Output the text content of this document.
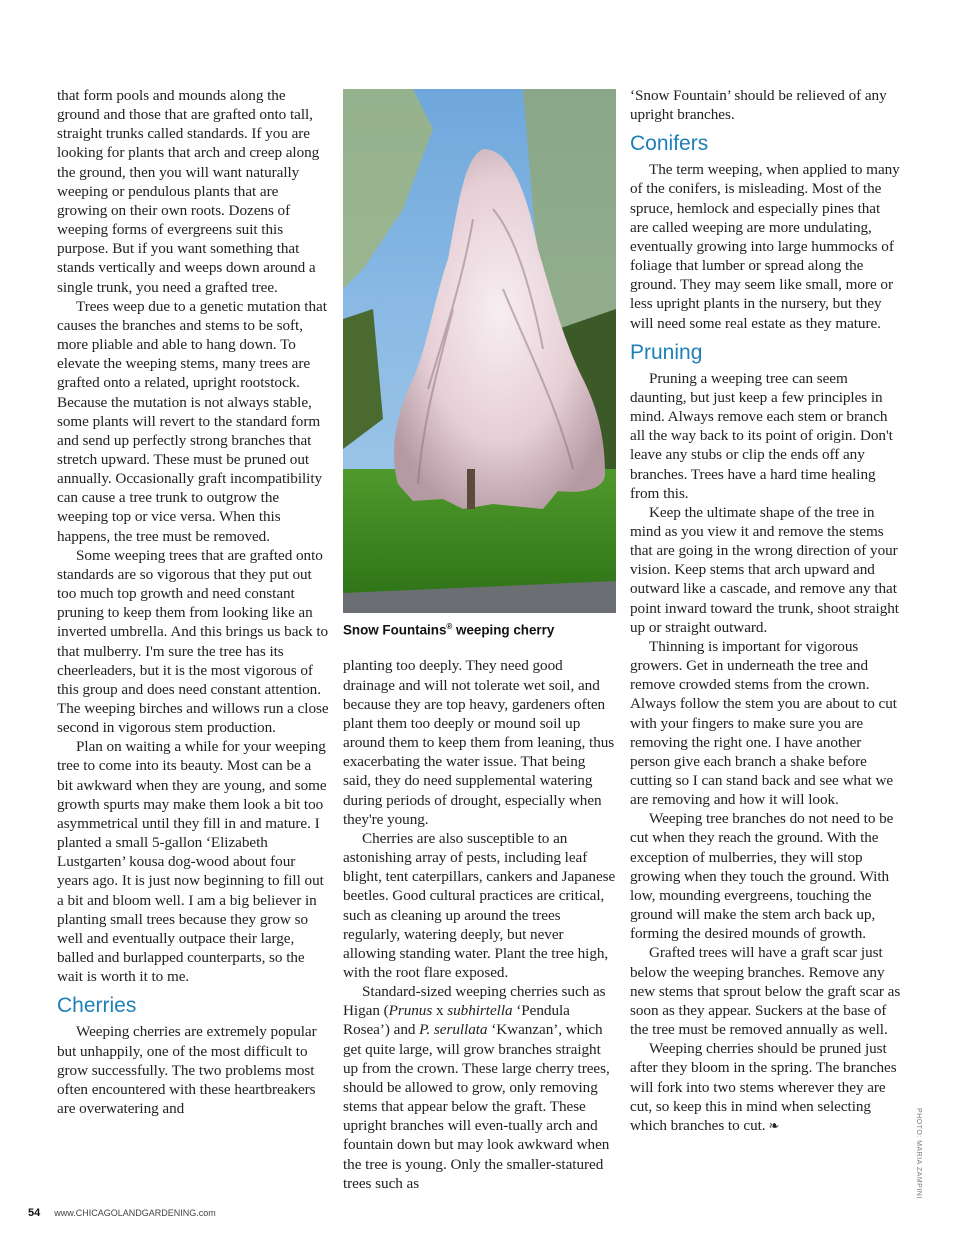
that form pools and mounds along the ground and those that are grafted onto tall, straight trunks called standards. If you are looking for plants that arch and creep along the ground, then you will want naturally weeping or pendulous plants that are growing on their own roots. Dozens of weeping forms of evergreens suit this purpose. But if you want something that stands vertically and weeps down around a single trunk, you need a grafted tree.

Trees weep due to a genetic mutation that causes the branches and stems to be soft, more pliable and able to hang down. To elevate the weeping stems, many trees are grafted onto a related, upright rootstock. Because the mutation is not always stable, some plants will revert to the standard form and send up perfectly strong branches that stretch upward. These must be pruned out annually. Occasionally graft incompatibility can cause a tree trunk to outgrow the weeping top or vice versa. When this happens, the tree must be removed.

Some weeping trees that are grafted onto standards are so vigorous that they put out too much top growth and need constant pruning to keep them from looking like an inverted umbrella. And this brings us back to that mulberry. I'm sure the tree has its cheerleaders, but it is the most vigorous of this group and does need constant attention. The weeping birches and willows run a close second in vigorous stem production.

Plan on waiting a while for your weeping tree to come into its beauty. Most can be a bit awkward when they are young, and some growth spurts may make them look a bit too asymmetrical until they fill in and mature. I planted a small 5-gallon ‘Elizabeth Lustgarten’ kousa dog-wood about four years ago. It is just now beginning to fill out a bit and bloom well. I am a big believer in planting small trees because they grow so well and eventually outpace their large, balled and burlapped counterparts, so the wait is worth it to me.

Cherries

Weeping cherries are extremely popular but unhappily, one of the most difficult to grow successfully. The two problems most often encountered with these heartbreakers are overwatering and

Snow Fountains® weeping cherry

planting too deeply. They need good drainage and will not tolerate wet soil, and because they are top heavy, gardeners often plant them too deeply or mound soil up around them to keep them from leaning, thus exacerbating the water issue. That being said, they do need supplemental watering during periods of drought, especially when they're young.

Cherries are also susceptible to an astonishing array of pests, including leaf blight, tent caterpillars, cankers and Japanese beetles. Good cultural practices are critical, such as cleaning up around the trees regularly, watering deeply, but never allowing standing water. Plant the tree high, with the root flare exposed.

Standard-sized weeping cherries such as Higan (Prunus x subhirtella ‘Pendula Rosea’) and P. serullata ‘Kwanzan’, which get quite large, will grow branches straight up from the crown. These large cherry trees, should be allowed to grow, only removing stems that appear below the graft. These upright branches will even-tually arch and fountain down but may look awkward when the tree is young. Only the smaller-statured trees such as

‘Snow Fountain’ should be relieved of any upright branches.

Conifers

The term weeping, when applied to many of the conifers, is misleading. Most of the spruce, hemlock and especially pines that are called weeping are more undulating, eventually growing into large hummocks of foliage that lumber or spread along the ground. They may seem like small, more or less upright plants in the nursery, but they will need some real estate as they mature.

Pruning

Pruning a weeping tree can seem daunting, but just keep a few principles in mind. Always remove each stem or branch all the way back to its point of origin. Don't leave any stubs or clip the ends off any branches. Trees have a hard time healing from this.

Keep the ultimate shape of the tree in mind as you view it and remove the stems that are going in the wrong direction of your vision. Keep stems that arch upward and outward like a cascade, and remove any that point inward toward the trunk, shoot straight up or straight outward.

Thinning is important for vigorous growers. Get in underneath the tree and remove crowded stems from the crown. Always follow the stem you are about to cut with your fingers to make sure you are removing the right one. I have another person give each branch a shake before cutting so I can stand back and see what we are removing and how it will look.

Weeping tree branches do not need to be cut when they reach the ground. With the exception of mulberries, they will stop growing when they touch the ground. With low, mounding evergreens, touching the ground will make the stem arch back up, forming the desired mounds of growth.

Grafted trees will have a graft scar just below the weeping branches. Remove any new stems that sprout below the graft scar as soon as they appear. Suckers at the base of the tree must be removed annually as well.

Weeping cherries should be pruned just after they bloom in the spring. The branches will fork into two stems wherever they are cut, so keep this in mind when selecting which branches to cut. ❧	PHOTO: MARIA ZAMPINI
54 www.CHICAGOLANDGARDENING.com
